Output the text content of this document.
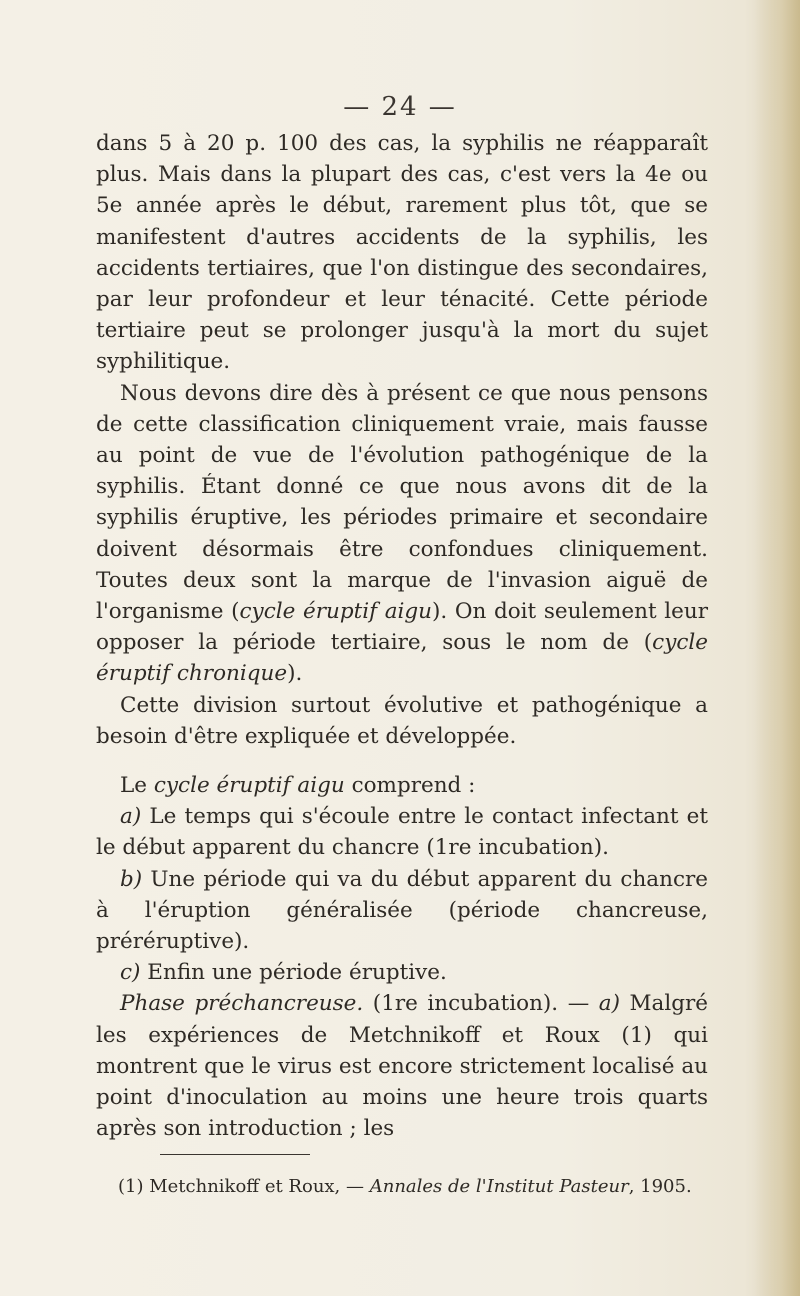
— 24 —

dans 5 à 20 p. 100 des cas, la syphilis ne réapparaît plus. Mais dans la plupart des cas, c'est vers la 4e ou 5e année après le début, rarement plus tôt, que se manifestent d'autres accidents de la syphilis, les accidents tertiaires, que l'on distingue des secondaires, par leur profondeur et leur ténacité. Cette période tertiaire peut se prolonger jusqu'à la mort du sujet syphilitique.

Nous devons dire dès à présent ce que nous pensons de cette classification cliniquement vraie, mais fausse au point de vue de l'évolution pathogénique de la syphilis. Étant donné ce que nous avons dit de la syphilis éruptive, les périodes primaire et secondaire doivent désormais être confondues cliniquement. Toutes deux sont la marque de l'invasion aiguë de l'organisme (cycle éruptif aigu). On doit seulement leur opposer la période tertiaire, sous le nom de (cycle éruptif chronique).

Cette division surtout évolutive et pathogénique a besoin d'être expliquée et développée.

Le cycle éruptif aigu comprend :

a) Le temps qui s'écoule entre le contact infectant et le début apparent du chancre (1re incubation).

b) Une période qui va du début apparent du chancre à l'éruption généralisée (période chancreuse, préréruptive).

c) Enfin une période éruptive.

Phase préchancreuse. (1re incubation). — a) Malgré les expériences de Metchnikoff et Roux (1) qui montrent que le virus est encore strictement localisé au point d'inoculation au moins une heure trois quarts après son introduction ; les

(1) Metchnikoff et Roux, — Annales de l'Institut Pasteur, 1905.
